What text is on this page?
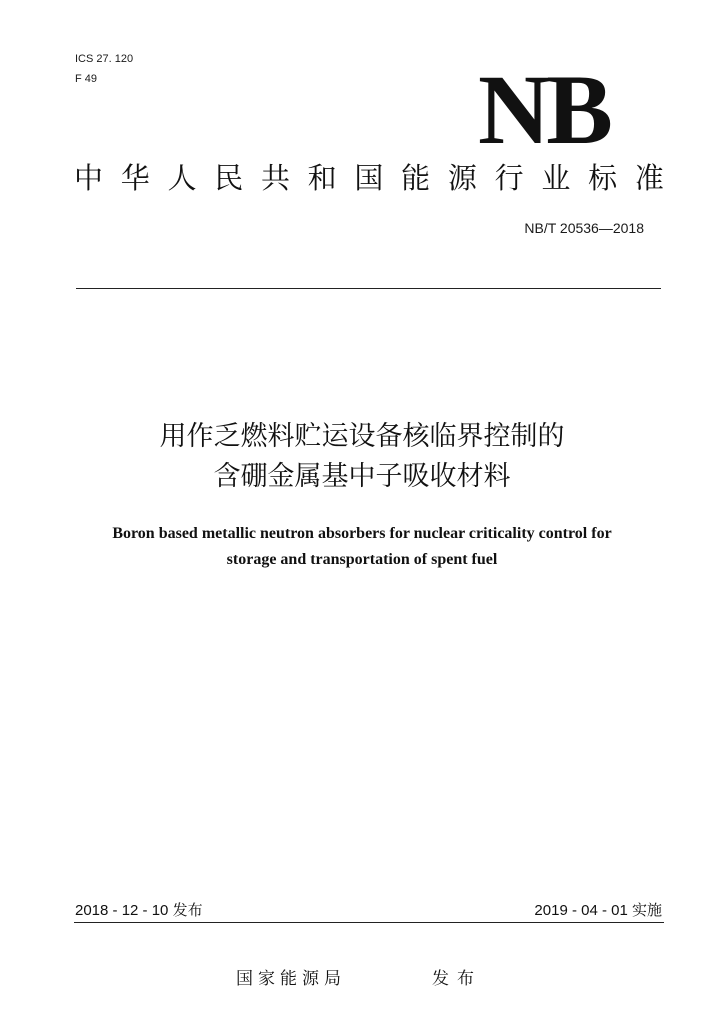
ICS 27. 120
F 49	NB
中 华 人 民 共 和 国 能 源 行 业 标 准
NB/T 20536—2018
用作乏燃料贮运设备核临界控制的
含硼金属基中子吸收材料
Boron based metallic neutron absorbers for nuclear criticality control for
storage and transportation of spent fuel
2018 - 12 - 10 发布	2019 - 04 - 01 实施
国家能源局	发布
